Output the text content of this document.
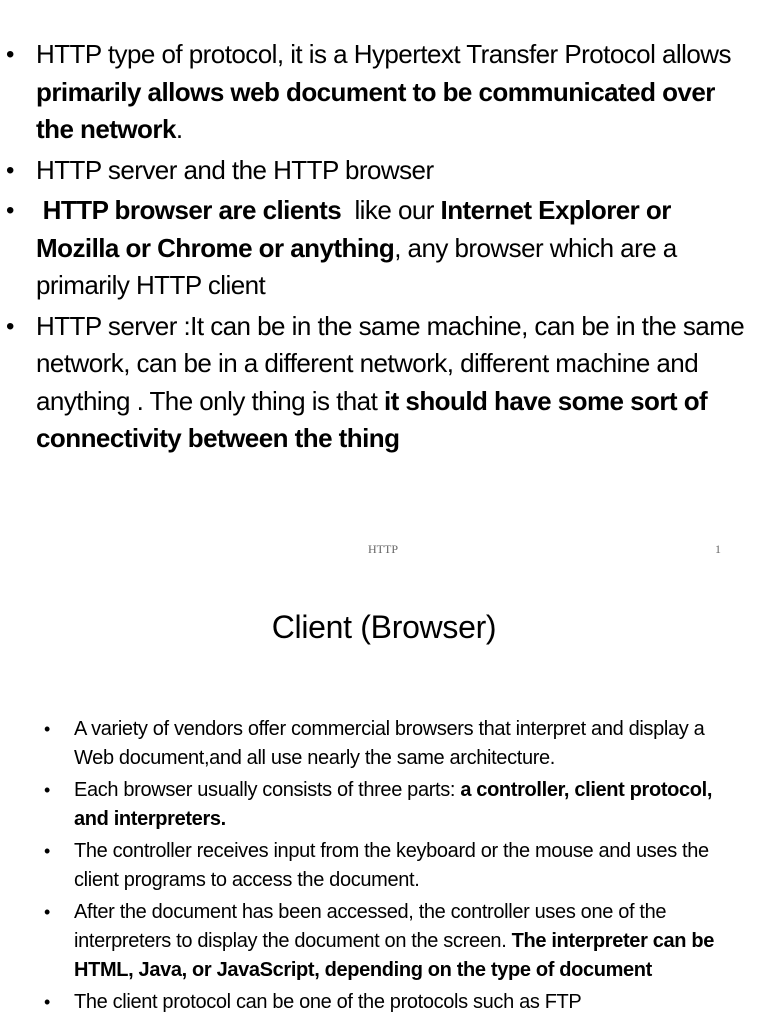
• HTTP type of protocol, it is a Hypertext Transfer Protocol allows primarily allows web document to be communicated over the network.
• HTTP server and the HTTP browser
• HTTP browser are clients  like our Internet Explorer or Mozilla or Chrome or anything, any browser which are a primarily HTTP client
• HTTP server :It can be in the same machine, can be in the same network, can be in a different network, different machine and anything . The only thing is that it should have some sort of connectivity between the thing
HTTP	1
Client (Browser)
• A variety of vendors offer commercial browsers that interpret and display a Web document,and all use nearly the same architecture.
• Each browser usually consists of three parts: a controller, client protocol, and interpreters.
• The controller receives input from the keyboard or the mouse and uses the client programs to access the document.
• After the document has been accessed, the controller uses one of the interpreters to display the document on the screen. The interpreter can be HTML, Java, or JavaScript, depending on the type of document
• The client protocol can be one of the protocols such as FTP
